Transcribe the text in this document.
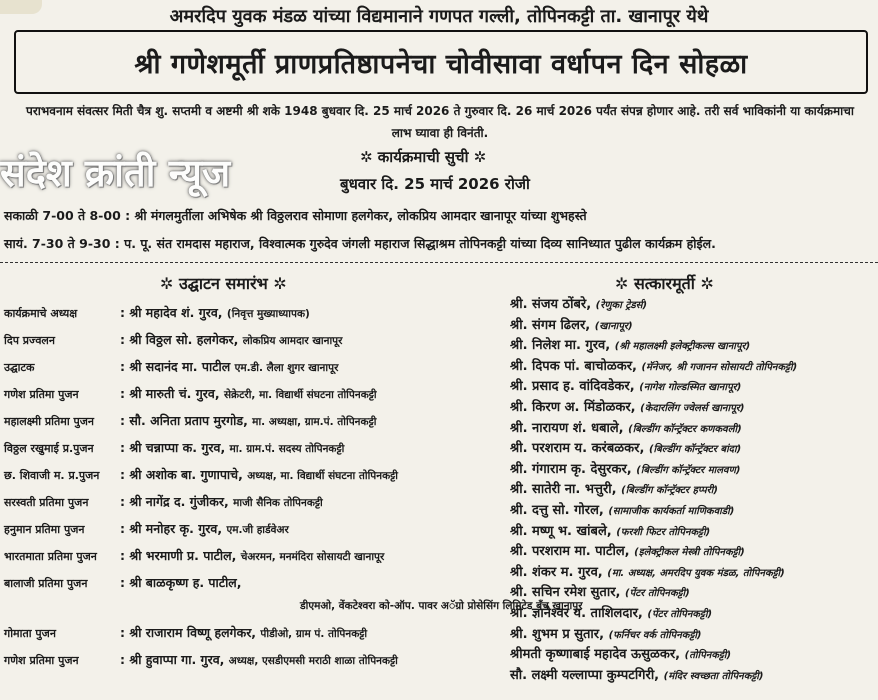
अमरदिप युवक मंडळ यांच्या विद्यमानाने गणपत गल्ली, तोपिनकट्टी ता. खानापूर येथे
श्री गणेशमूर्ती प्राणप्रतिष्ठापनेचा चोवीसावा वर्धापन दिन सोहळा
पराभवनाम संवत्सर मिती चैत्र शु. सप्तमी व अष्टमी श्री शके 1948 बुधवार दि. 25 मार्च 2026 ते गुरुवार दि. 26 मार्च 2026 पर्यंत संपन्न होणार आहे. तरी सर्व भाविकांनी या कार्यक्रमाचा लाभ घ्यावा ही विनंती.
संदेश क्रांती न्यूज	✲ कार्यक्रमाची सुची ✲
बुधवार दि. 25 मार्च 2026 रोजी
सकाळी 7-00 ते 8-00 : श्री मंगलमुर्तीला अभिषेक श्री विठ्ठलराव सोमाणा हलगेकर, लोकप्रिय आमदार खानापूर यांच्या शुभहस्ते
सायं. 7-30 ते 9-30 : प. पू. संत रामदास महाराज, विश्वात्मक गुरुदेव जंगली महाराज सिद्धाश्रम तोपिनकट्टी यांच्या दिव्य सानिध्यात पुढील कार्यक्रम होईल.
✲ उद्घाटन समारंभ ✲	✲ सत्कारमूर्ती ✲
कार्यक्रमाचे अध्यक्ष	: श्री महादेव शं. गुरव, (निवृत्त मुख्याध्यापक)
दिप प्रज्वलन	: श्री विठ्ठल सो. हलगेकर, लोकप्रिय आमदार खानापूर
उद्घाटक	: श्री सदानंद मा. पाटील एम.डी. लैला शुगर खानापूर
गणेश प्रतिमा पुजन	: श्री मारुती चं. गुरव, सेक्रेटरी, मा. विद्यार्थी संघटना तोपिनकट्टी
महालक्ष्मी प्रतिमा पुजन : सौ. अनिता प्रताप मुरगोड, मा. अध्यक्षा, ग्राम.पं. तोपिनकट्टी
विठ्ठल रखुमाई प्र.पुजन : श्री चन्नाप्पा क. गुरव, मा. ग्राम.पं. सदस्य तोपिनकट्टी
छ. शिवाजी म. प्र.पुजन : श्री अशोक बा. गुणापाचे, अध्यक्ष, मा. विद्यार्थी संघटना तोपिनकट्टी
सरस्वती प्रतिमा पुजन	: श्री नागेंद्र द. गुंजीकर, माजी सैनिक तोपिनकट्टी
हनुमान प्रतिमा पुजन	: श्री मनोहर कृ. गुरव, एम.जी हार्डवेअर
भारतमाता प्रतिमा पुजन : श्री भरमाणी प्र. पाटील, चेअरमन, मनमंदिरा सोसायटी खानापूर
बालाजी प्रतिमा पुजन	: श्री बाळकृष्ण ह. पाटील,
डीएमओ, वेंकटेश्वरा को-ऑप. पावर अॅग्रो प्रोसेसिंग लिमिटेड बँच खानापूर
गोमाता पुजन	: श्री राजाराम विष्णू हलगेकर, पीडीओ, ग्राम पं. तोपिनकट्टी
गणेश प्रतिमा पुजन	: श्री हुवाप्पा गा. गुरव, अध्यक्ष, एसडीएमसी मराठी शाळा तोपिनकट्टी
श्री. संजय ठोंबरे, (रेणुका ट्रेडर्स)
श्री. संगम ढिलर, (खानापूर)
श्री. निलेश मा. गुरव, (श्री महालक्ष्मी इलेक्ट्रीकल्स खानापूर)
श्री. दिपक पां. बाचोळकर, (मॅनेजर, श्री गजानन सोसायटी तोपिनकट्टी)
श्री. प्रसाद ह. वांदिवडेकर, (नागेश गोल्डस्मित खानापूर)
श्री. किरण अ. मिंडोळकर, (केदारलिंग ज्वेलर्स खानापूर)
श्री. नारायण शं. धबाले, (बिल्डींग कॉन्ट्रॅक्टर कणकवली)
श्री. परशराम य. करंबळकर, (बिल्डींग कॉन्ट्रॅक्टर बांदा)
श्री. गंगाराम कृ. देसुरकर, (बिल्डींग कॉन्ट्रॅक्टर मालवण)
श्री. सातेरी ना. भत्तुरी, (बिल्डींग कॉन्ट्रॅक्टर हप्परी)
श्री. दत्तु सो. गोरल, (सामाजीक कार्यकर्ता माणिकवाडी)
श्री. मष्णू भ. खांबले, (फरशी फिटर तोपिनकट्टी)
श्री. परशराम मा. पाटील, (इलेक्ट्रीकल मेस्त्री तोपिनकट्टी)
श्री. शंकर म. गुरव, (मा. अध्यक्ष, अमरदिप युवक मंडळ, तोपिनकट्टी)
श्री. सचिन रमेश सुतार, (पेंटर तोपिनकट्टी)
श्री. ज्ञानेश्वर य. ताशिलदार, (पेंटर तोपिनकट्टी)
श्री. शुभम प्र सुतार, (फर्निचर वर्क तोपिनकट्टी)
श्रीमती कृष्णाबाई महादेव ऊसुळकर, (तोपिनकट्टी)
सौ. लक्ष्मी यल्लाप्पा कुम्पटगिरी, (मंदिर स्वच्छता तोपिनकट्टी)
